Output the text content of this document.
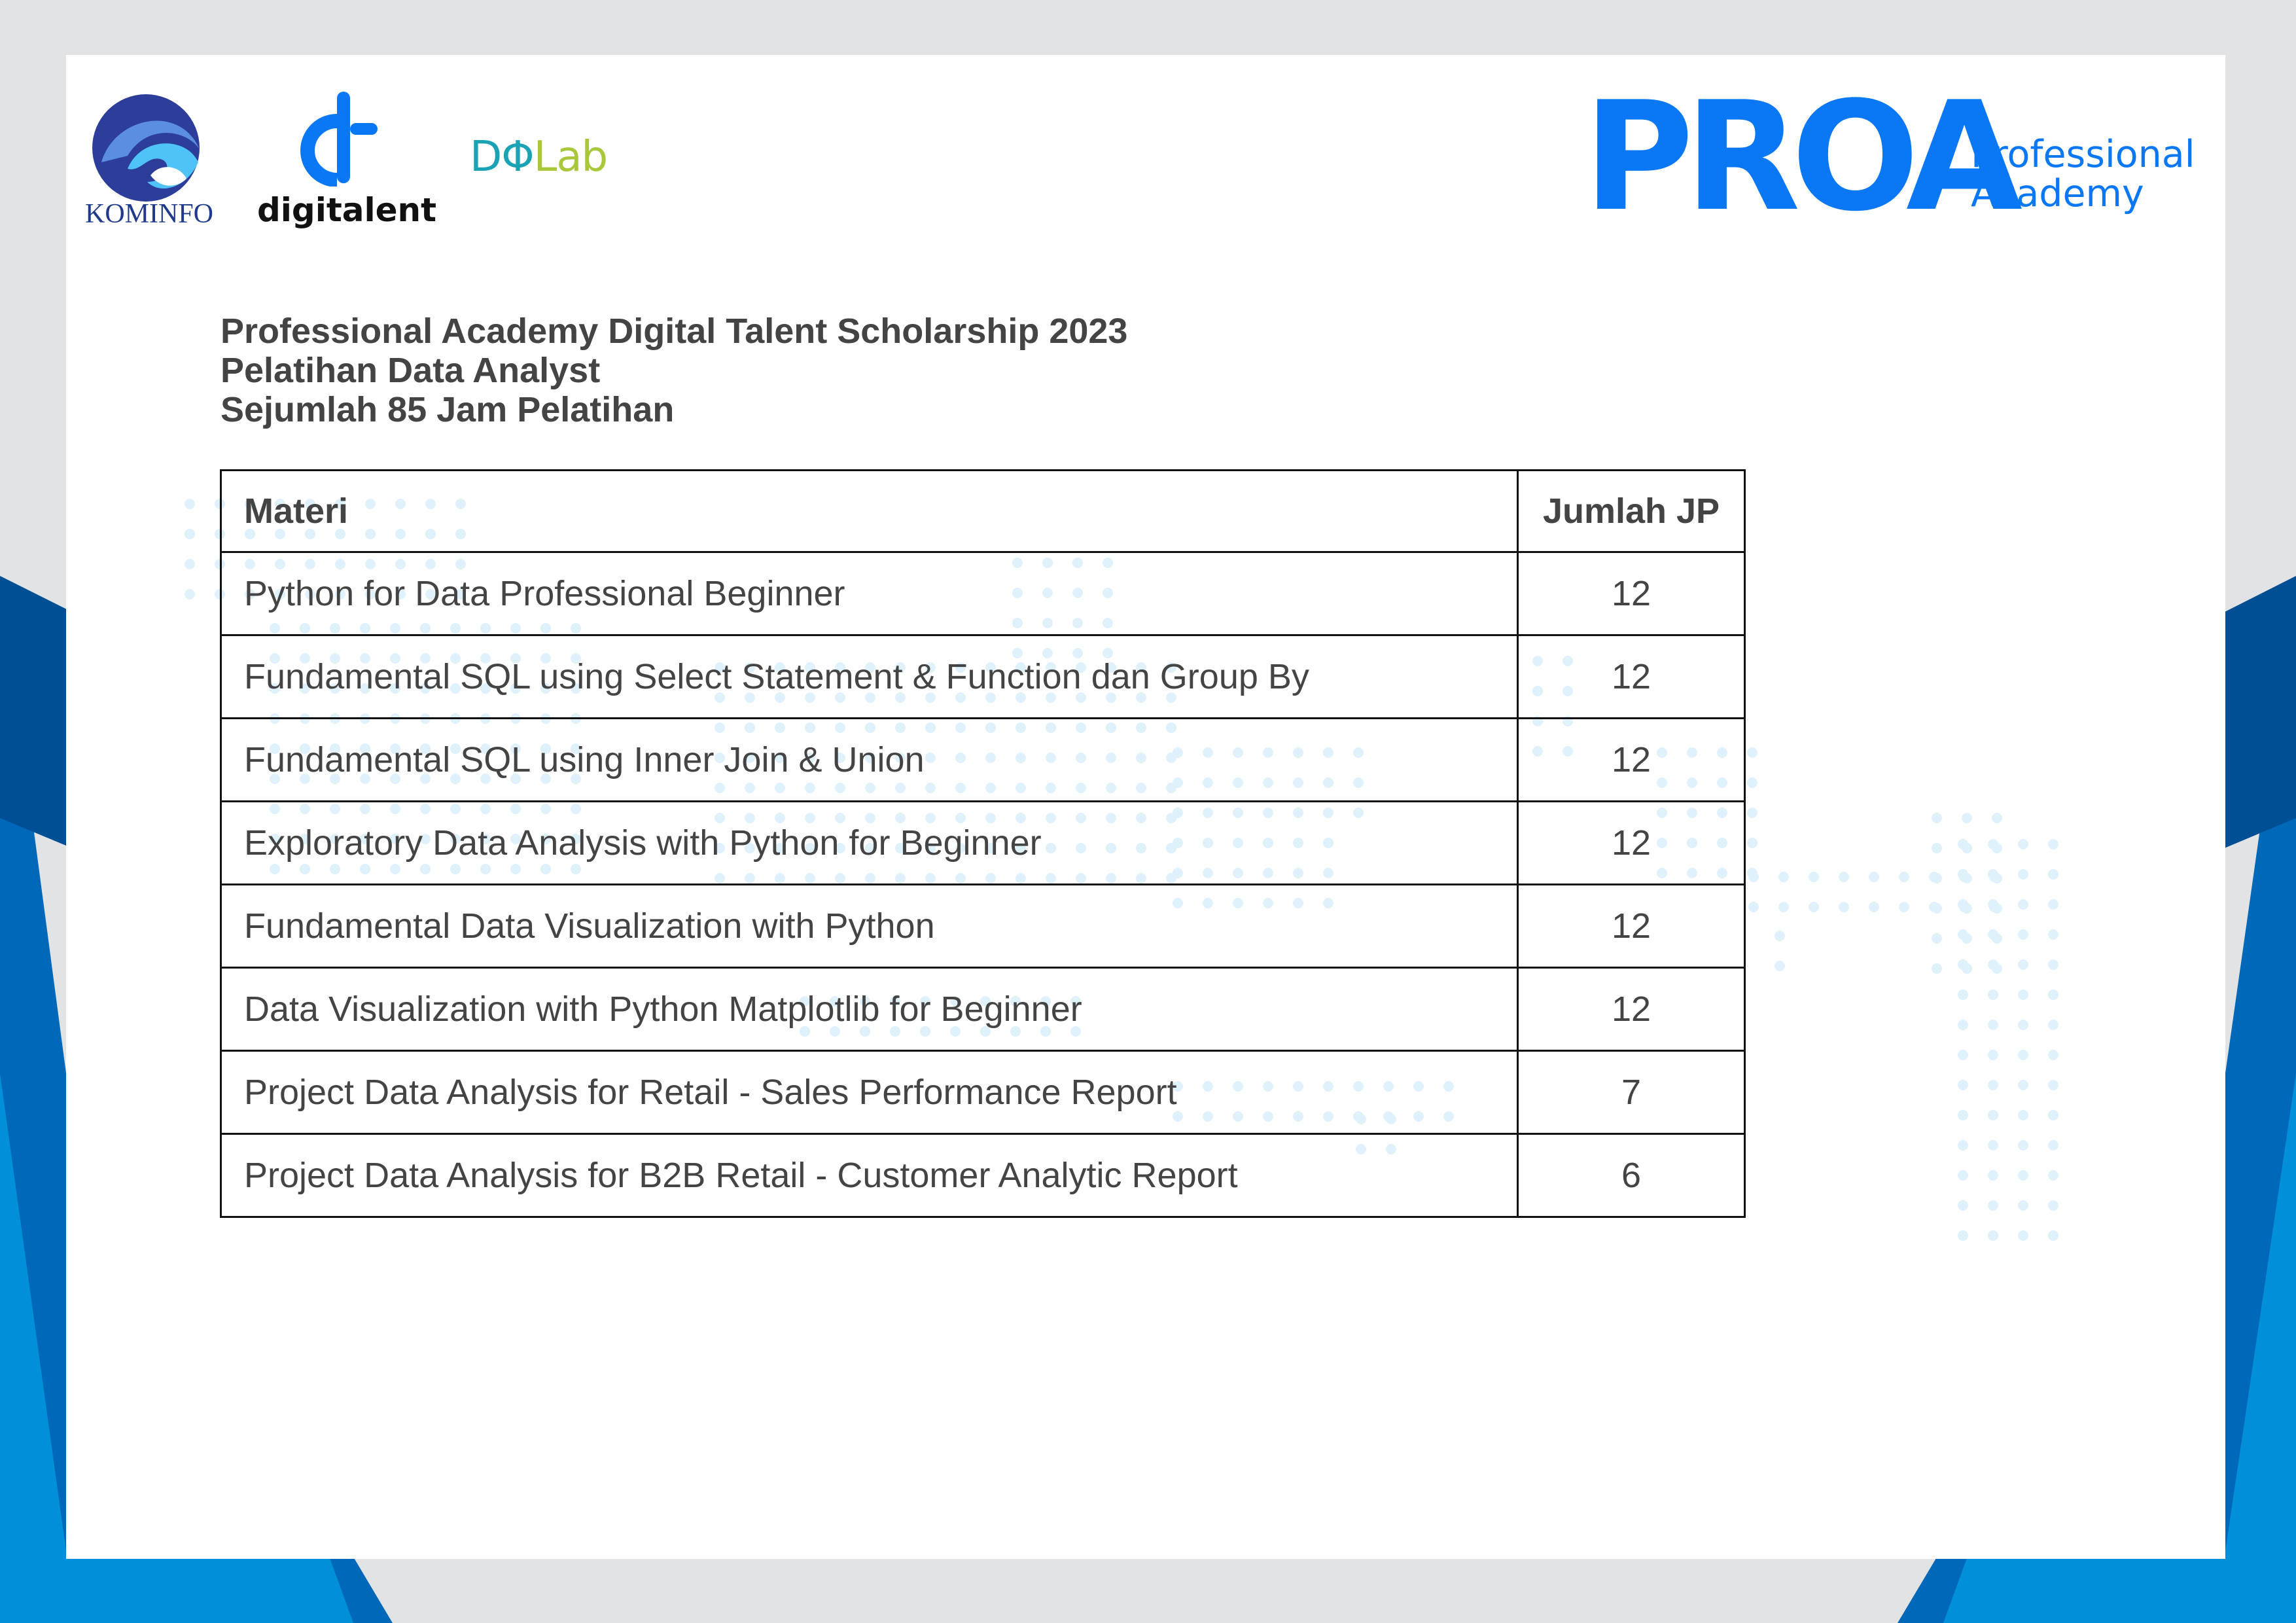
KOMINFO digitalent
DΦLab	PROA
Professional
Academy
Professional Academy Digital Talent Scholarship 2023
Pelatihan Data Analyst
Sejumlah 85 Jam Pelatihan
Materi	Jumlah JP
Python for Data Professional Beginner	12
Fundamental SQL using Select Statement & Function dan Group By	12
Fundamental SQL using Inner Join & Union	12
Exploratory Data Analysis with Python for Beginner	12
Fundamental Data Visualization with Python	12
Data Visualization with Python Matplotlib for Beginner	12
Project Data Analysis for Retail - Sales Performance Report	7
Project Data Analysis for B2B Retail - Customer Analytic Report	6
